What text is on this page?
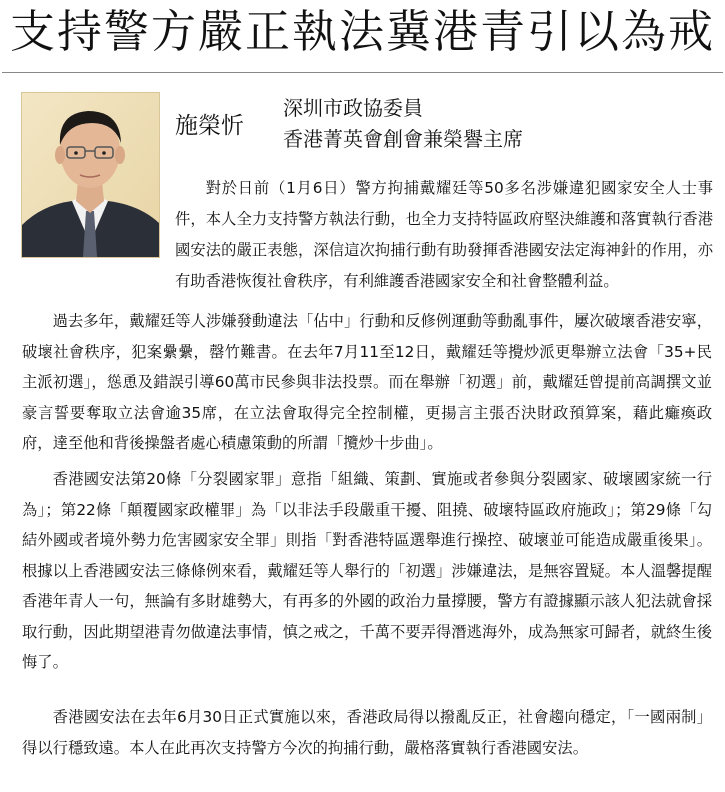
支持警方嚴正執法冀港青引以為戒
施榮忻
深圳市政協委員
香港菁英會創會兼榮譽主席

對於日前（1月6日）警方拘捕戴耀廷等50多名涉嫌違犯國家安全人士事件，本人全力支持警方執法行動，也全力支持特區政府堅決維護和落實執行香港國安法的嚴正表態，深信這次拘捕行動有助發揮香港國安法定海神針的作用，亦有助香港恢復社會秩序，有利維護香港國家安全和社會整體利益。

過去多年，戴耀廷等人涉嫌發動違法「佔中」行動和反修例運動等動亂事件，屢次破壞香港安寧，破壞社會秩序，犯案纍纍，罄竹難書。在去年7月11至12日，戴耀廷等攪炒派更舉辦立法會「35+民主派初選」，慫恿及錯誤引導60萬市民參與非法投票。而在舉辦「初選」前，戴耀廷曾提前高調撰文並豪言誓要奪取立法會逾35席，在立法會取得完全控制權，更揚言主張否決財政預算案，藉此癱瘓政府，達至他和背後操盤者處心積慮策動的所謂「攬炒十步曲」。

香港國安法第20條「分裂國家罪」意指「組織、策劃、實施或者參與分裂國家、破壞國家統一行為」；第22條「顛覆國家政權罪」為「以非法手段嚴重干擾、阻撓、破壞特區政府施政」；第29條「勾結外國或者境外勢力危害國家安全罪」則指「對香港特區選舉進行操控、破壞並可能造成嚴重後果」。根據以上香港國安法三條條例來看，戴耀廷等人舉行的「初選」涉嫌違法，是無容置疑。本人溫馨提醒香港年青人一句，無論有多財雄勢大，有再多的外國的政治力量撐腰，警方有證據顯示該人犯法就會採取行動，因此期望港青勿做違法事情，慎之戒之，千萬不要弄得潛逃海外，成為無家可歸者，就終生後悔了。

香港國安法在去年6月30日正式實施以來，香港政局得以撥亂反正，社會趨向穩定，「一國兩制」得以行穩致遠。本人在此再次支持警方今次的拘捕行動，嚴格落實執行香港國安法。
